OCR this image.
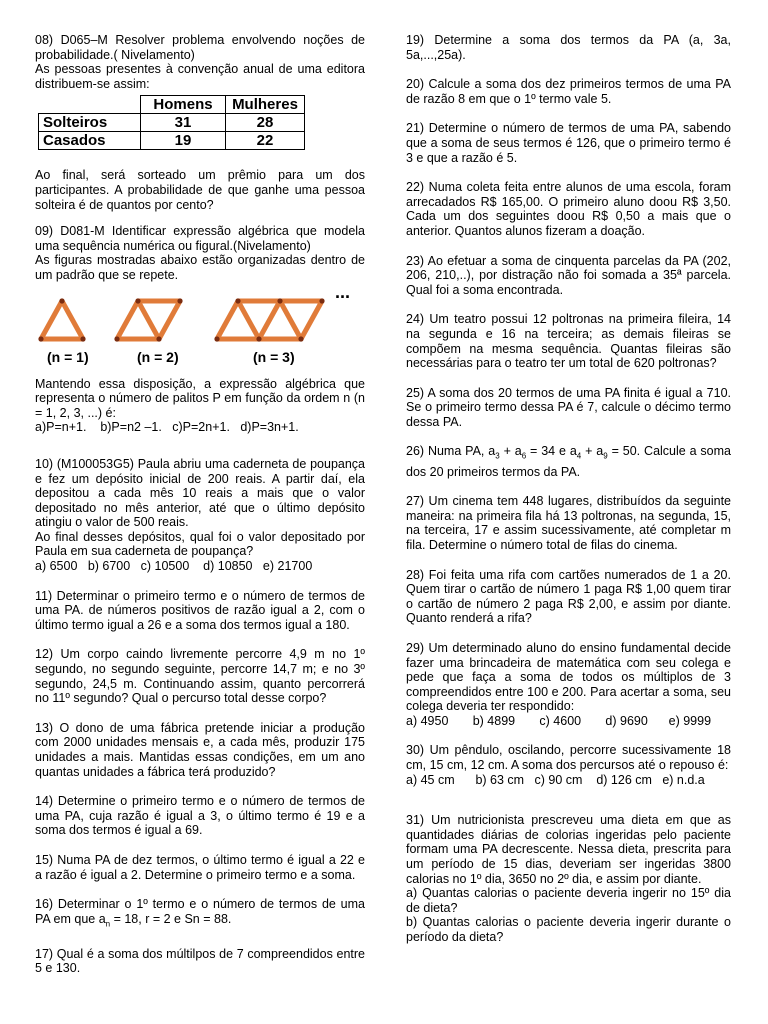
08) D065–M Resolver problema envolvendo noções de probabilidade.( Nivelamento)

As pessoas presentes à convenção anual de uma editora distribuem-se assim:

	Homens	Mulheres
Solteiros	31	28
Casados	19	22

Ao final, será sorteado um prêmio para um dos participantes. A probabilidade de que ganhe uma pessoa solteira é de quantos por cento?

09) D081-M Identificar expressão algébrica que modela uma sequência numérica ou figural.(Nivelamento)

As figuras mostradas abaixo estão organizadas dentro de um padrão que se repete.

...
(n = 1)	(n = 2)	(n = 3)

Mantendo essa disposição, a expressão algébrica que representa o número de palitos P em função da ordem n (n = 1, 2, 3, ...) é:

a)P=n+1.    b)P=n2 –1.   c)P=2n+1.   d)P=3n+1.

10) (M100053G5) Paula abriu uma caderneta de poupança e fez um depósito inicial de 200 reais. A partir daí, ela depositou a cada mês 10 reais a mais que o valor depositado no mês anterior, até que o último depósito atingiu o valor de 500 reais.

Ao final desses depósitos, qual foi o valor depositado por Paula em sua caderneta de poupança?

a) 6500   b) 6700   c) 10500    d) 10850   e) 21700

11) Determinar o primeiro termo e o número de termos de uma PA. de números positivos de razão igual a 2, com o último termo igual a 26 e a soma dos termos igual a 180.
12) Um corpo caindo livremente percorre 4,9 m no 1º segundo, no segundo seguinte, percorre 14,7 m; e no 3º segundo, 24,5 m. Continuando assim, quanto percorrerá no 11º segundo? Qual o percurso total desse corpo?
13) O dono de uma fábrica pretende iniciar a produção com 2000 unidades mensais e, a cada mês, produzir 175 unidades a mais. Mantidas essas condições, em um ano quantas unidades a fábrica terá produzido?
14) Determine o primeiro termo e o número de termos de uma PA, cuja razão é igual a 3, o último termo é 19 e a soma dos termos é igual a 69.
15) Numa PA de dez termos, o último termo é igual a 22 e a razão é igual a 2. Determine o primeiro termo e a soma.
16) Determinar o 1º termo e o número de termos de uma PA em que $a_n = 18$, r = 2 e Sn = 88.
17) Qual é a soma dos múltilpos de 7 compreendidos entre 5 e 130.
19) Determine a soma dos termos da PA (a, 3a, 5a,...,25a).
20) Calcule a soma dos dez primeiros termos de uma PA de razão 8 em que o 1º termo vale 5.
21) Determine o número de termos de uma PA, sabendo que a soma de seus termos é 126, que o primeiro termo é 3 e que a razão é 5.
22) Numa coleta feita entre alunos de uma escola, foram arrecadados R$ 165,00. O primeiro aluno doou R$ 3,50. Cada um dos seguintes doou R$ 0,50 a mais que o anterior. Quantos alunos fizeram a doação.
23) Ao efetuar a soma de cinquenta parcelas da PA (202, 206, 210,..), por distração não foi somada a 35ª parcela. Qual foi a soma encontrada.
24) Um teatro possui 12 poltronas na primeira fileira, 14 na segunda e 16 na terceira; as demais fileiras se compõem na mesma sequência. Quantas fileiras são necessárias para o teatro ter um total de 620 poltronas?
25) A soma dos 20 termos de uma PA finita é igual a 710. Se o primeiro termo dessa PA é 7, calcule o décimo termo dessa PA.
26) Numa PA, $a_3 + a_6 = 34$ e $a_4 + a_9 = 50$. Calcule a soma dos 20 primeiros termos da PA.
27) Um cinema tem 448 lugares, distribuídos da seguinte maneira: na primeira fila há 13 poltronas, na segunda, 15, na terceira, 17 e assim sucessivamente, até completar m fila. Determine o número total de filas do cinema.
28) Foi feita uma rifa com cartões numerados de 1 a 20. Quem tirar o cartão de número 1 paga R$ 1,00 quem tirar o cartão de número 2 paga R$ 2,00, e assim por diante. Quanto renderá a rifa?

29) Um determinado aluno do ensino fundamental decide fazer uma brincadeira de matemática com seu colega e pede que faça a soma de todos os múltiplos de 3 compreendidos entre 100 e 200. Para acertar a soma, seu colega deveria ter respondido:

a) 4950       b) 4899       c) 4600       d) 9690      e) 9999

30) Um pêndulo, oscilando, percorre sucessivamente 18 cm, 15 cm, 12 cm. A soma dos percursos até o repouso é:

a) 45 cm      b) 63 cm   c) 90 cm    d) 126 cm   e) n.d.a

31) Um nutricionista prescreveu uma dieta em que as quantidades diárias de colorias ingeridas pelo paciente formam uma PA decrescente. Nessa dieta, prescrita para um período de 15 dias, deveriam ser ingeridas 3800 calorias no 1º dia, 3650 no 2º dia, e assim por diante.

a) Quantas calorias o paciente deveria ingerir no 15º dia de dieta?

b) Quantas calorias o paciente deveria ingerir durante o período da dieta?
